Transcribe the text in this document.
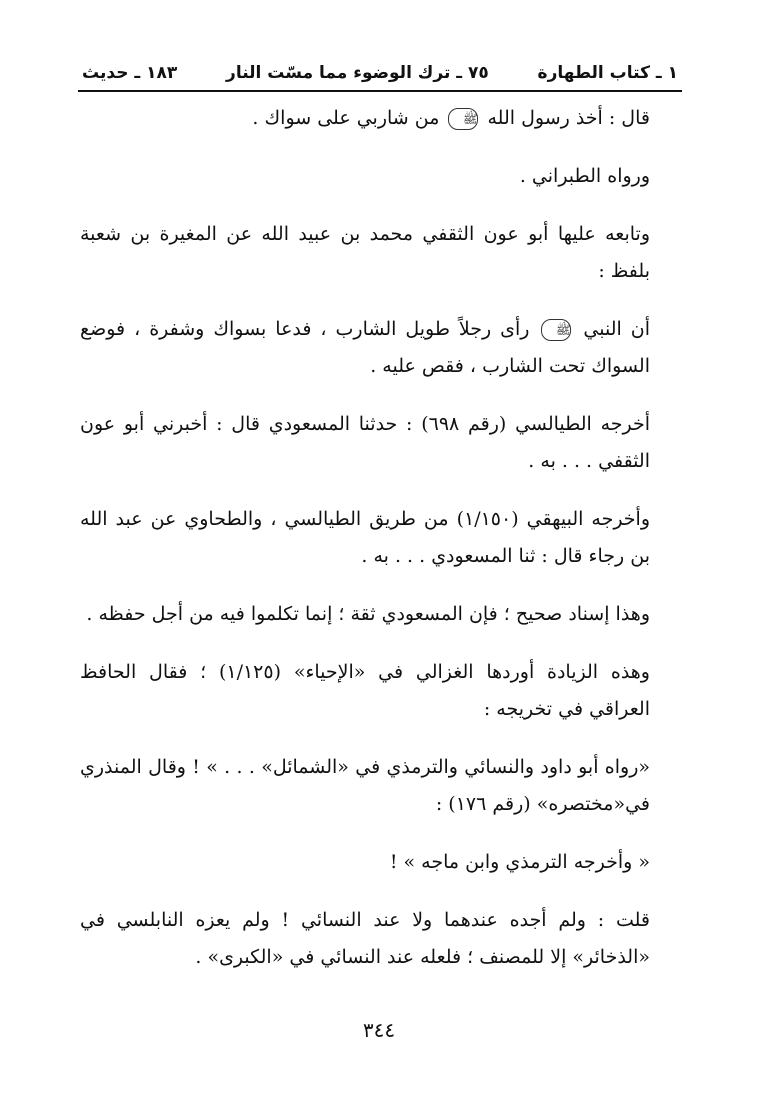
١ ـ كتاب الطهارة
٧٥ ـ ترك الوضوء مما مسّت النار
١٨٣ ـ حديث

قال : أخذ رسول الله ﷺ من شاربي على سواك .

ورواه الطبراني .

وتابعه عليها أبو عون الثقفي محمد بن عبيد الله عن المغيرة بن شعبة بلفظ :

أن النبي ﷺ رأى رجلاً طويل الشارب ، فدعا بسواك وشفرة ، فوضع السواك تحت الشارب ، فقص عليه .

أخرجه الطيالسي (رقم ٦٩٨) : حدثنا المسعودي قال : أخبرني أبو عون الثقفي . . . به .

وأخرجه البيهقي (١/١٥٠) من طريق الطيالسي ، والطحاوي عن عبد الله بن رجاء قال : ثنا المسعودي . . . به .

وهذا إسناد صحيح ؛ فإن المسعودي ثقة ؛ إنما تكلموا فيه من أجل حفظه .

وهذه الزيادة أوردها الغزالي في «الإحياء» (١/١٢٥) ؛ فقال الحافظ العراقي في تخريجه :

«رواه أبو داود والنسائي والترمذي في «الشمائل» . . . » ! وقال المنذري في«مختصره» (رقم ١٧٦) :

« وأخرجه الترمذي وابن ماجه » !

قلت : ولم أجده عندهما ولا عند النسائي ! ولم يعزه النابلسي في «الذخائر» إلا للمصنف ؛ فلعله عند النسائي في «الكبرى» .

٣٤٤
